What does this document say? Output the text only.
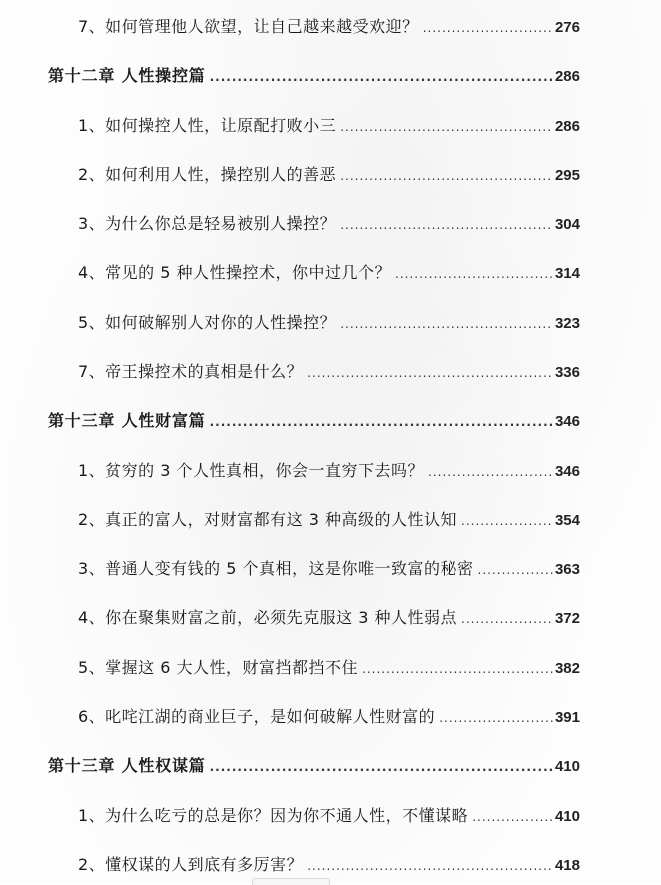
7、如何管理他人欲望，让自己越来越受欢迎？ .....	276
第十二章 人性操控篇 .....	286
1、如何操控人性，让原配打败小三 .....	286
2、如何利用人性，操控别人的善恶 .....	295
3、为什么你总是轻易被别人操控？ .....	304
4、常见的 5 种人性操控术，你中过几个？ .....	314
5、如何破解别人对你的人性操控？ .....	323
7、帝王操控术的真相是什么？ .....	336
第十三章 人性财富篇 .....	346
1、贫穷的 3 个人性真相，你会一直穷下去吗？ .....	346
2、真正的富人，对财富都有这 3 种高级的人性认知 .....	354
3、普通人变有钱的 5 个真相，这是你唯一致富的秘密 .....	363
4、你在聚集财富之前，必须先克服这 3 种人性弱点 .....	372
5、掌握这 6 大人性，财富挡都挡不住 .....	382
6、叱咤江湖的商业巨子，是如何破解人性财富的 .....	391
第十三章 人性权谋篇 .....	410
1、为什么吃亏的总是你？因为你不通人性，不懂谋略 .....	410
2、懂权谋的人到底有多厉害？ .....	418
